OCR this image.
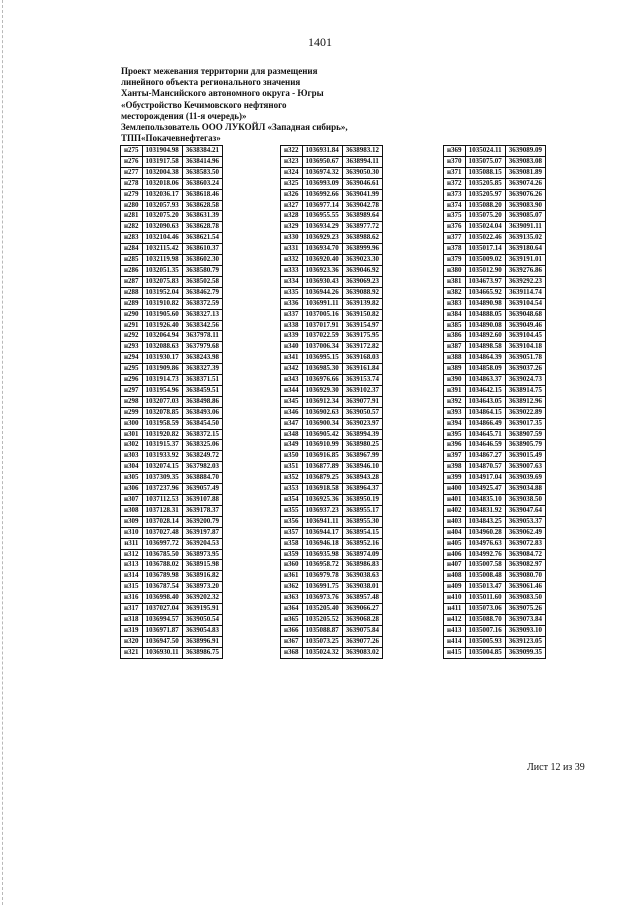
1401
Проект межевания территории для размещения
линейного объекта регионального значения
Ханты-Мансийского автономного округа - Югры
«Обустройство Кечимовского нефтяного
месторождения (11-я очередь)»
Землепользователь ООО ЛУКОЙЛ «Западная сибирь»,
ТПП«Покачевнефтегаз»
н275	1031904.98	3638384.21
н276	1031917.58	3638414.96
н277	1032004.38	3638583.50
н278	1032018.06	3638603.24
н279	1032036.17	3638618.46
н280	1032057.93	3638628.58
н281	1032075.20	3638631.39
н282	1032090.63	3638628.78
н283	1032104.46	3638621.54
н284	1032115.42	3638610.37
н285	1032119.98	3638602.30
н286	1032051.35	3638580.79
н287	1032075.83	3638502.58
н288	1031952.04	3638462.79
н289	1031910.82	3638372.59
н290	1031905.60	3638327.13
н291	1031926.40	3638342.56
н292	1032064.94	3637978.11
н293	1032088.63	3637979.68
н294	1031930.17	3638243.98
н295	1031909.86	3638327.39
н296	1031914.73	3638371.51
н297	1031954.96	3638459.51
н298	1032077.03	3638498.86
н299	1032078.85	3638493.06
н300	1031958.59	3638454.50
н301	1031920.82	3638372.15
н302	1031915.37	3638325.06
н303	1031933.92	3638249.72
н304	1032074.15	3637982.03
н305	1037309.35	3638884.70
н306	1037237.96	3639057.49
н307	1037112.53	3639107.88
н308	1037128.31	3639178.37
н309	1037028.14	3639200.79
н310	1037027.48	3639197.87
н311	1036997.72	3639204.53
н312	1036785.50	3638973.95
н313	1036788.02	3638915.98
н314	1036789.98	3638916.82
н315	1036787.54	3638973.20
н316	1036998.40	3639202.32
н317	1037027.04	3639195.91
н318	1036994.57	3639050.54
н319	1036971.87	3639054.83
н320	1036947.50	3638996.91
н321	1036930.11	3638986.75
н322	1036931.84	3638983.12
н323	1036950.67	3638994.11
н324	1036974.32	3639050.30
н325	1036993.09	3639046.61
н326	1036992.66	3639041.99
н327	1036977.14	3639042.78
н328	1036955.55	3638989.64
н329	1036934.29	3638977.72
н330	1036929.23	3638988.62
н331	1036934.70	3638999.96
н332	1036920.40	3639023.30
н333	1036923.36	3639046.92
н334	1036930.43	3639069.23
н335	1036944.26	3639088.92
н336	1036991.11	3639139.82
н337	1037005.16	3639150.82
н338	1037017.91	3639154.97
н339	1037022.59	3639175.95
н340	1037006.34	3639172.82
н341	1036995.15	3639168.03
н342	1036985.30	3639161.84
н343	1036976.66	3639153.74
н344	1036929.30	3639102.37
н345	1036912.34	3639077.91
н346	1036902.63	3639050.57
н347	1036900.34	3639023.97
н348	1036905.42	3638994.39
н349	1036910.99	3638980.25
н350	1036916.85	3638967.99
н351	1036877.89	3638946.10
н352	1036879.25	3638943.28
н353	1036918.58	3638964.37
н354	1036925.36	3638950.19
н355	1036937.23	3638955.17
н356	1036941.11	3638955.30
н357	1036944.17	3638954.15
н358	1036946.18	3638952.16
н359	1036935.98	3638974.09
н360	1036958.72	3638986.83
н361	1036979.78	3639038.63
н362	1036991.75	3639038.01
н363	1036973.76	3638957.48
н364	1035205.40	3639066.27
н365	1035205.52	3639068.28
н366	1035088.87	3639075.84
н367	1035073.25	3639077.26
н368	1035024.32	3639083.02
н369	1035024.11	3639089.09
н370	1035075.07	3639083.08
н371	1035088.15	3639081.89
н372	1035205.85	3639074.26
н373	1035205.97	3639076.26
н374	1035088.20	3639083.90
н375	1035075.20	3639085.07
н376	1035024.04	3639091.11
н377	1035022.46	3639135.02
н378	1035017.14	3639180.64
н379	1035009.02	3639191.01
н380	1035012.90	3639276.86
н381	1034673.97	3639292.23
н382	1034665.92	3639114.74
н383	1034890.98	3639104.54
н384	1034888.05	3639048.68
н385	1034890.08	3639049.46
н386	1034892.60	3639104.45
н387	1034898.58	3639104.18
н388	1034864.39	3639051.78
н389	1034858.09	3639037.26
н390	1034863.37	3639024.73
н391	1034642.15	3638914.75
н392	1034643.05	3638912.96
н393	1034864.15	3639022.89
н394	1034866.49	3639017.35
н395	1034645.71	3638907.59
н396	1034646.59	3638905.79
н397	1034867.27	3639015.49
н398	1034870.57	3639007.63
н399	1034917.04	3639039.69
н400	1034925.47	3639034.88
н401	1034835.10	3639038.50
н402	1034831.92	3639047.64
н403	1034843.25	3639053.37
н404	1034960.28	3639062.49
н405	1034976.63	3639072.83
н406	1034992.76	3639084.72
н407	1035007.58	3639082.97
н408	1035008.48	3639080.70
н409	1035013.47	3639061.46
н410	1035011.60	3639083.50
н411	1035073.06	3639075.26
н412	1035088.70	3639073.84
н413	1035007.16	3639093.10
н414	1035005.93	3639123.05
н415	1035004.85	3639099.35
Лист 12 из 39
